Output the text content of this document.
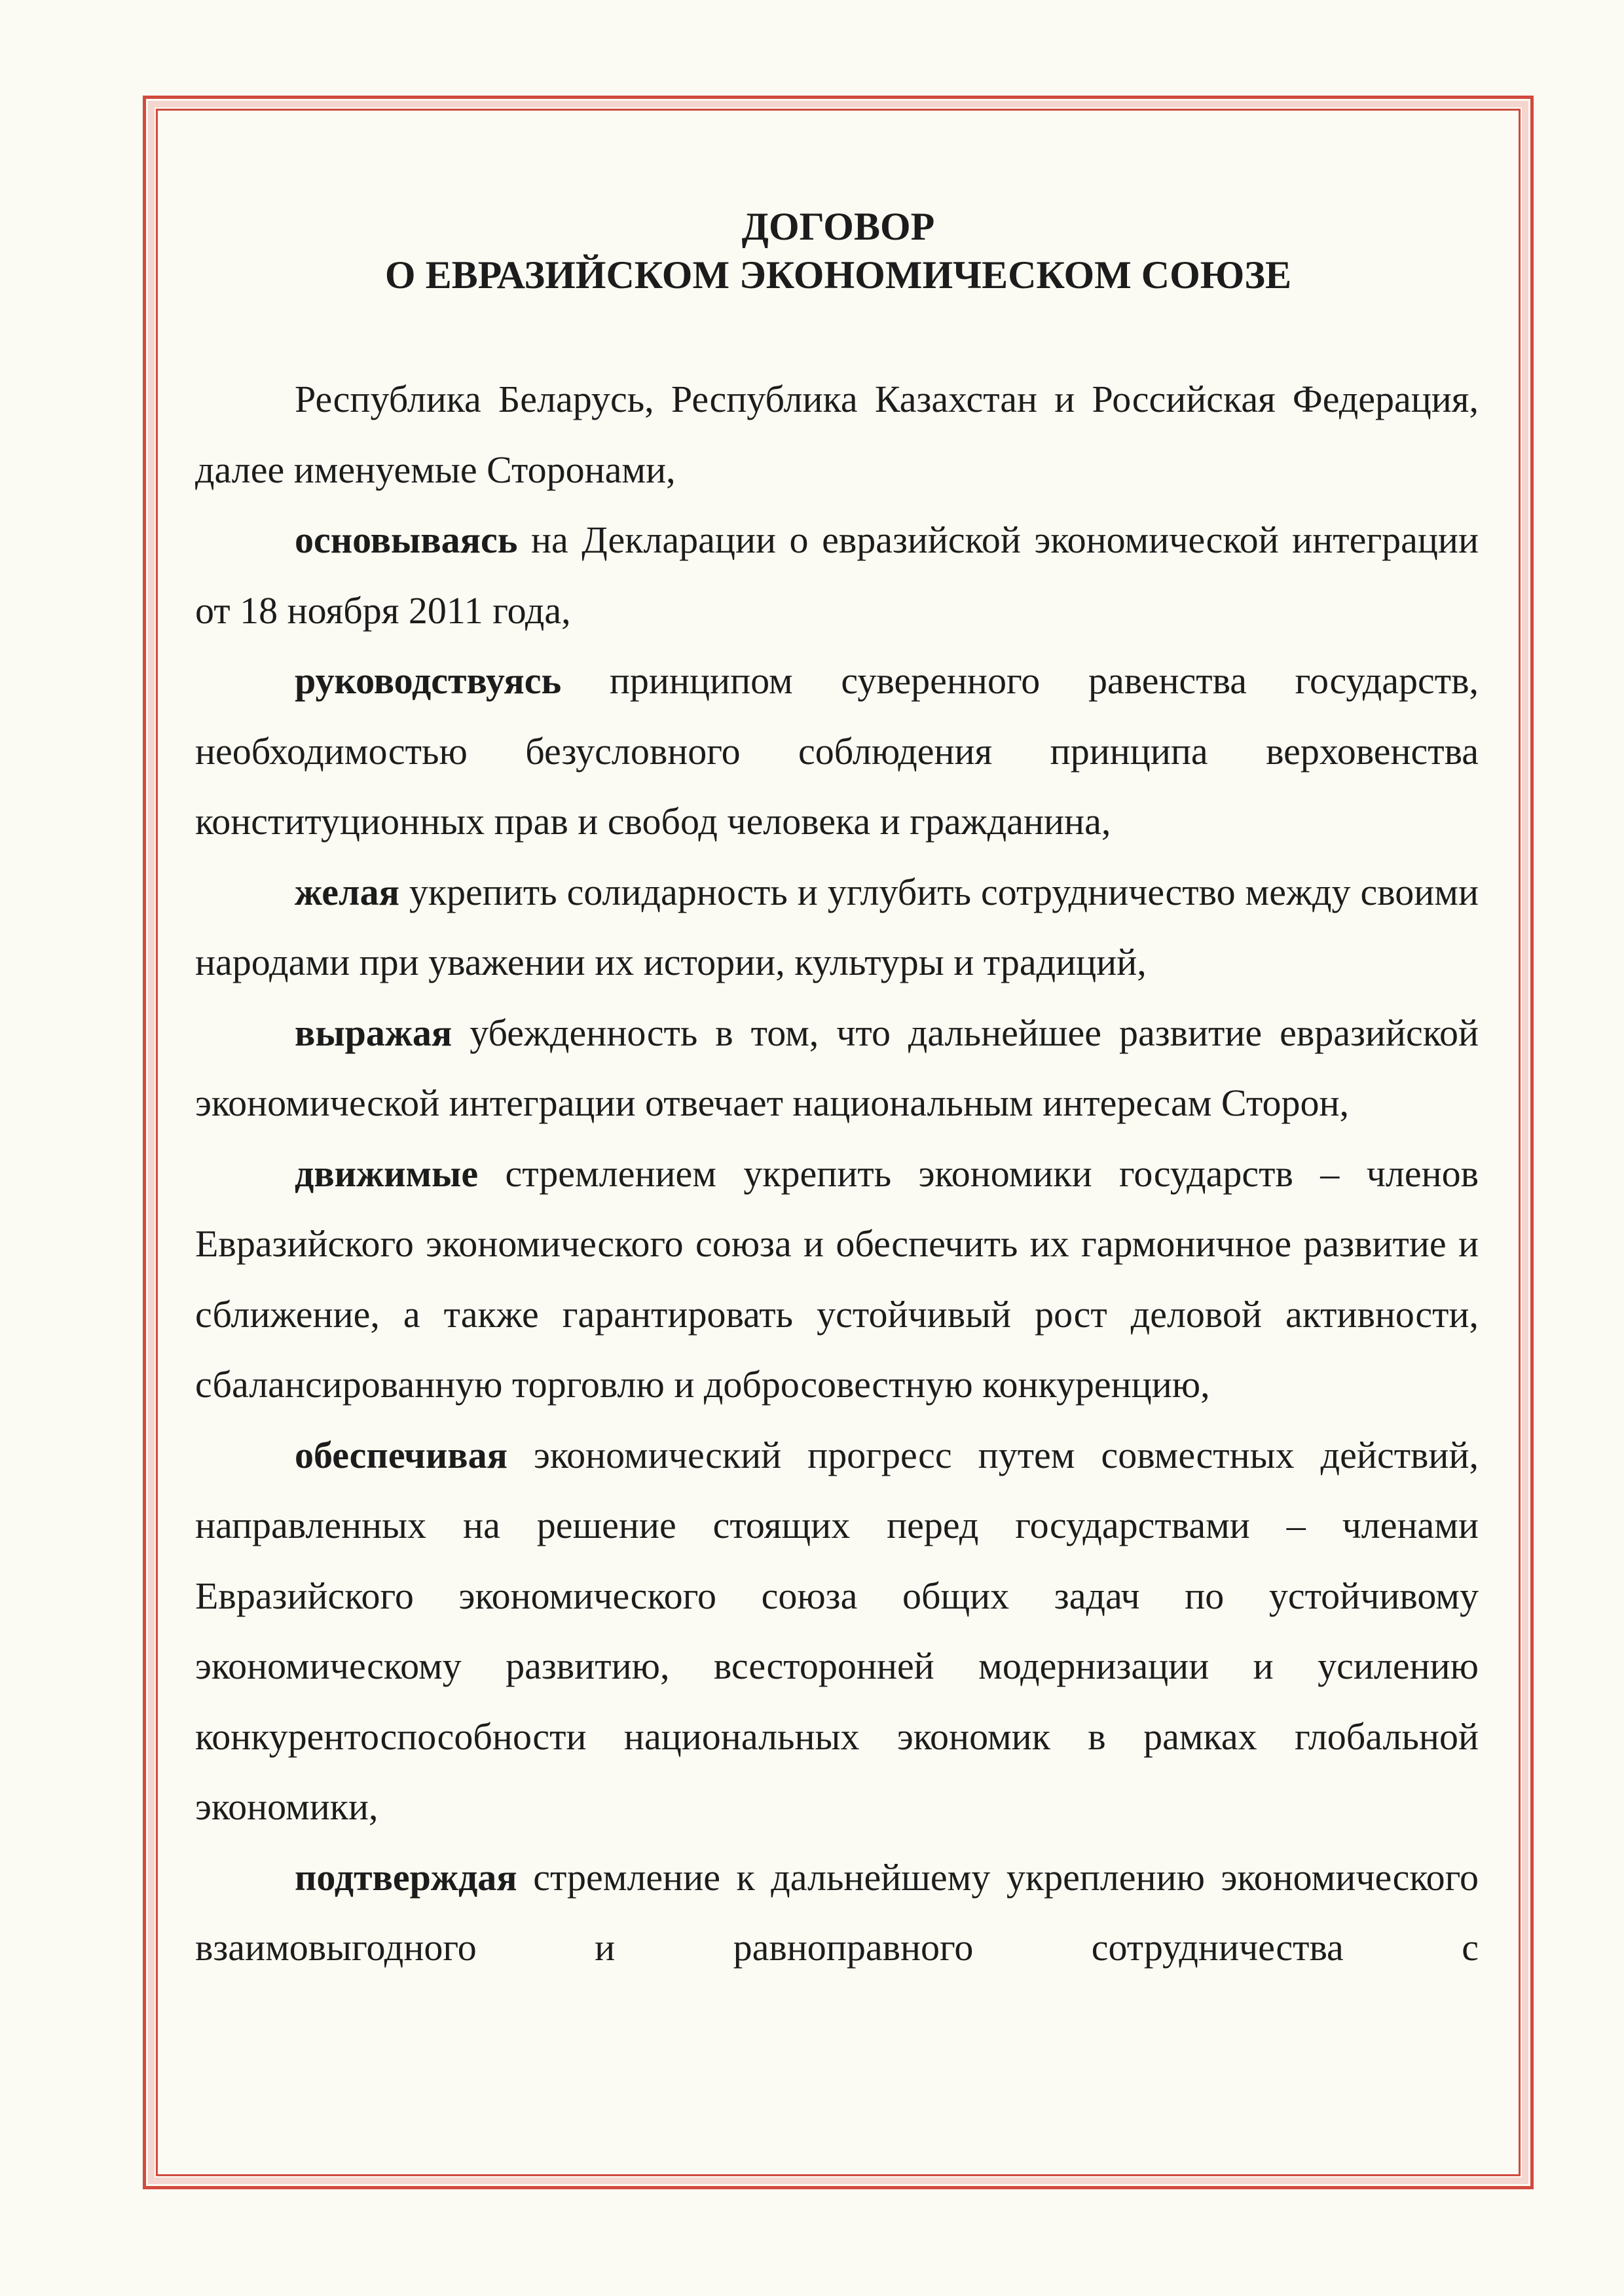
ДОГОВОР
О ЕВРАЗИЙСКОМ ЭКОНОМИЧЕСКОМ СОЮЗЕ

Республика Беларусь, Республика Казахстан и Российская Федерация, далее именуемые Сторонами,

основываясь на Декларации о евразийской экономической интеграции от 18 ноября 2011 года,

руководствуясь принципом суверенного равенства государств, необходимостью безусловного соблюдения принципа верховенства конституционных прав и свобод человека и гражданина,

желая укрепить солидарность и углубить сотрудничество между своими народами при уважении их истории, культуры и традиций,

выражая убежденность в том, что дальнейшее развитие евразийской экономической интеграции отвечает национальным интересам Сторон,

движимые стремлением укрепить экономики государств – членов Евразийского экономического союза и обеспечить их гармоничное развитие и сближение, а также гарантировать устойчивый рост деловой активности, сбалансированную торговлю и добросовестную конкуренцию,

обеспечивая экономический прогресс путем совместных действий, направленных на решение стоящих перед государствами – членами Евразийского экономического союза общих задач по устойчивому экономическому развитию, всесторонней модернизации и усилению конкурентоспособности национальных экономик в рамках глобальной экономики,

подтверждая стремление к дальнейшему укреплению экономического взаимовыгодного и равноправного сотрудничества с
